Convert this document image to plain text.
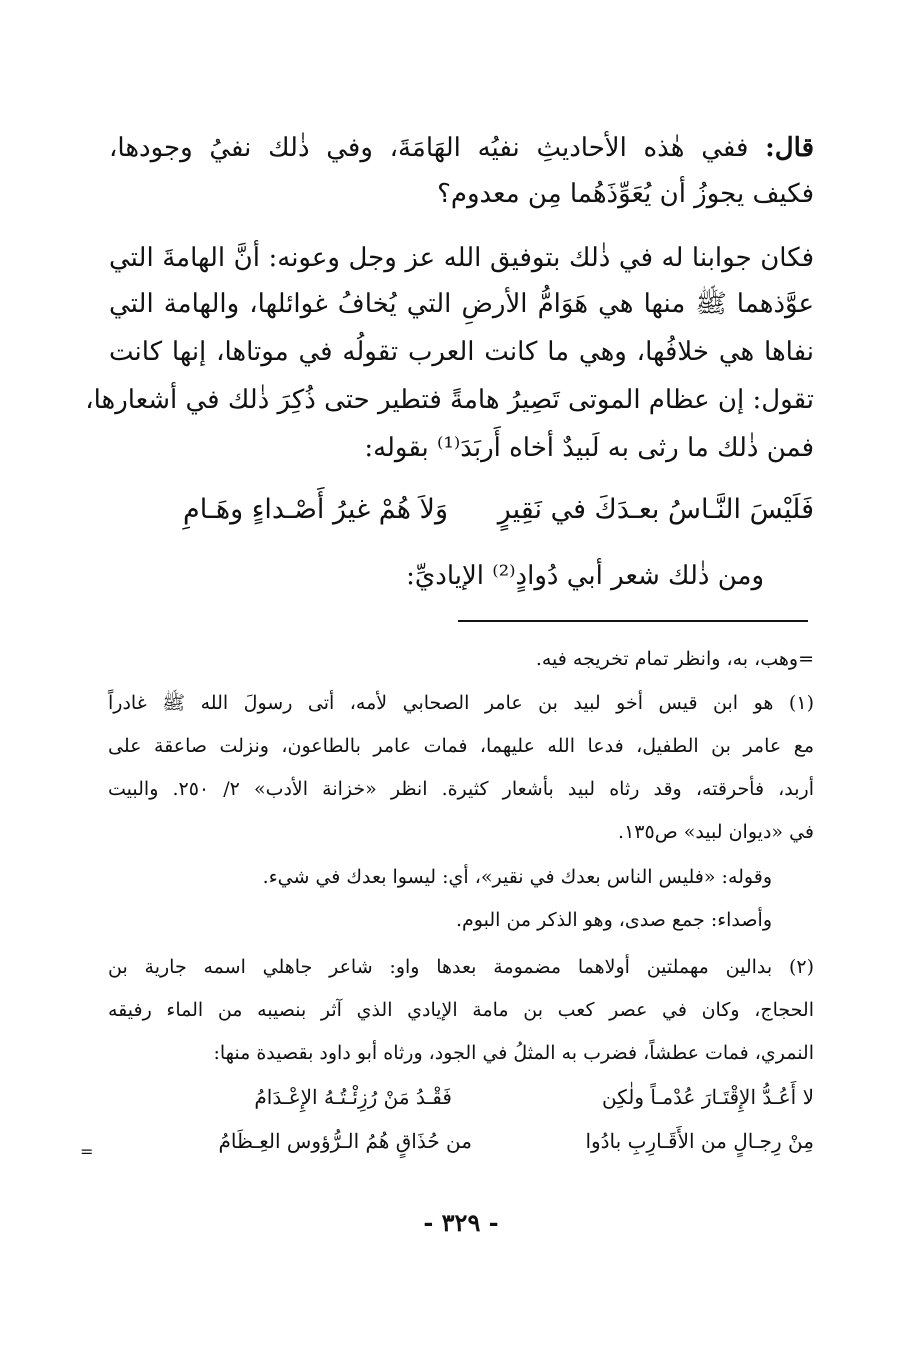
قال: ففي هٰذه الأحاديثِ نفيُه الهَامَةَ، وفي ذٰلك نفيُ وجودها،
فكيف يجوزُ أن يُعَوِّذَهُما مِن معدوم؟
فكان جوابنا له في ذٰلك بتوفيق الله عز وجل وعونه: أنَّ الهامةَ التي
عوَّذهما ﷺ منها هي هَوَامُّ الأرضِ التي يُخافُ غوائلها، والهامة التي
نفاها هي خلافُها، وهي ما كانت العرب تقولُه في موتاها، إنها كانت
تقول: إن عظام الموتى تَصِيرُ هامةً فتطير حتى ذُكِرَ ذٰلك في أشعارها،
فمن ذٰلك ما رثى به لَبيدٌ أخاه أَربَدَ⁽¹⁾ بقوله:
فَلَيْسَ النَّـاسُ بعـدَكَ في نَقِيرٍ
وَلاَ هُمْ غيرُ أَصْـداءٍ وهَـامِ
ومن ذٰلك شعر أبي دُوادٍ⁽²⁾ الإياديِّ:
=وهب، به، وانظر تمام تخريجه فيه.
(١) هو ابن قيس أخو لبيد بن عامر الصحابي لأمه، أتى رسولَ الله ﷺ غادراً
مع عامر بن الطفيل، فدعا الله عليهما، فمات عامر بالطاعون، ونزلت صاعقة على
أربد، فأحرقته، وقد رثاه لبيد بأشعار كثيرة. انظر «خزانة الأدب» ٢/ ٢٥٠. والبيت
في «ديوان لبيد» ص١٣٥.
وقوله: «فليس الناس بعدك في نقير»، أي: ليسوا بعدك في شيء.
وأصداء: جمع صدى، وهو الذكر من البوم.
(٢) بدالين مهملتين أولاهما مضمومة بعدها واو: شاعر جاهلي اسمه جارية بن
الحجاج، وكان في عصر كعب بن مامة الإيادي الذي آثر بنصيبه من الماء رفيقه
النمري، فمات عطشاً، فضرب به المثلُ في الجود، ورثاه أبو داود بقصيدة منها:
لا أَعُـدُّ الإِقْتَـارَ عُدْمـاً ولٰكِن
فَقْـدُ مَنْ رُزِئْـتُـهُ الإِعْـدَامُ
مِنْ رِجـالٍ من الأَقَـارِبِ بادُوا
من حُذَاقٍ هُمُ الـرُّؤوس العِـظَامُ
=
- ٣٢٩ -
